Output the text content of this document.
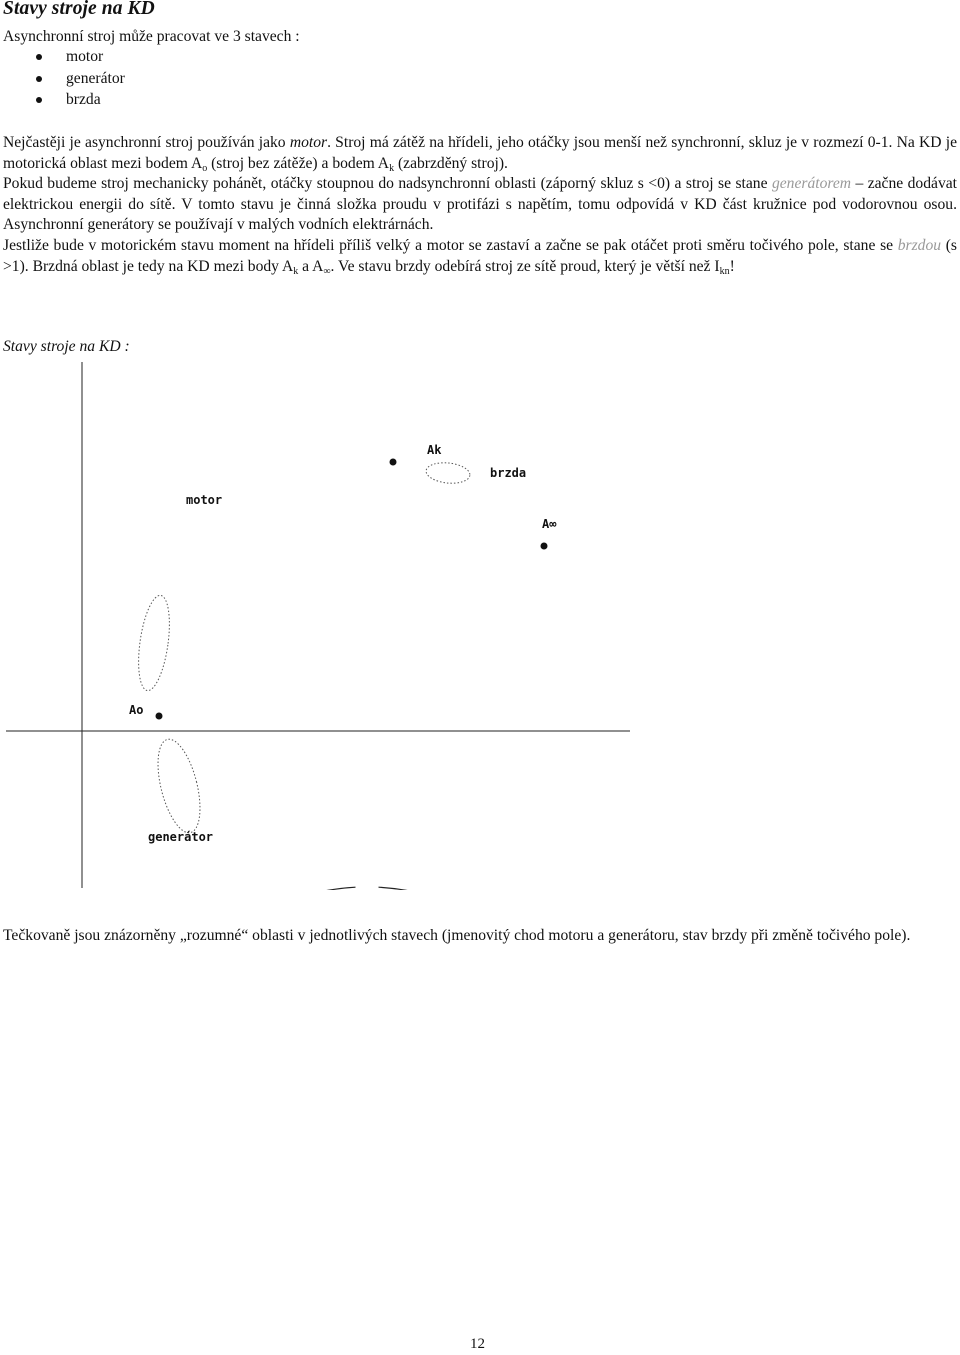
Stavy stroje na KD
Asynchronní stroj může pracovat ve 3 stavech :
motor
generátor
brzda

Nejčastěji je asynchronní stroj používán jako motor. Stroj má zátěž na hřídeli, jeho otáčky jsou menší než synchronní, skluz je v rozmezí 0-1. Na KD je motorická oblast mezi bodem $A_o$ (stroj bez zátěže) a bodem $A_k$ (zabrzděný stroj).

Pokud budeme stroj mechanicky pohánět, otáčky stoupnou do nadsynchronní oblasti (záporný skluz s <0) a stroj se stane generátorem – začne dodávat elektrickou energii do sítě. V tomto stavu je činná složka proudu v protifázi s napětím, tomu odpovídá v KD část kružnice pod vodorovnou osou. Asynchronní generátory se používají v malých vodních elektrárnách.

Jestliže bude v motorickém stavu moment na hřídeli příliš velký a motor se zastaví a začne se pak otáčet proti směru točivého pole, stane se brzdou (s >1). Brzdná oblast je tedy na KD mezi body $A_k$ a $A_\infty$. Ve stavu brzdy odebírá stroj ze sítě proud, který je větší než $I_{kn}$!

Stavy stroje na KD :
motor
brzda
generátor
Ak
A∞
Ao

Tečkovaně jsou znázorněny „rozumné“ oblasti v jednotlivých stavech (jmenovitý chod motoru a generátoru, stav brzdy při změně točivého pole).

12
